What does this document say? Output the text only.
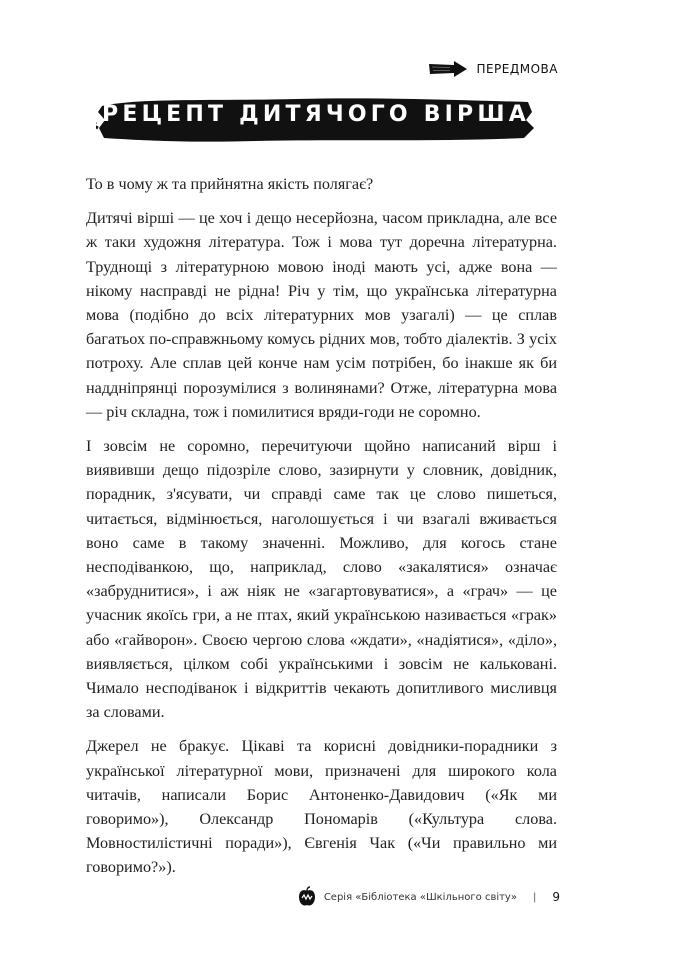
ПЕРЕДМОВА
РЕЦЕПТ ДИТЯЧОГО ВІРША

То в чому ж та прийнятна якість полягає?

Дитячі вірші — це хоч і дещо несерйозна, часом прикладна, але все ж таки художня література. Тож і мова тут доречна літературна. Труднощі з літературною мовою іноді мають усі, адже вона — нікому насправді не рідна! Річ у тім, що українська літературна мова (подібно до всіх літературних мов узагалі) — це сплав багатьох по-справжньому комусь рідних мов, тобто діалектів. З усіх потроху. Але сплав цей конче нам усім потрібен, бо інакше як би наддніпрянці порозумілися з волинянами? Отже, літературна мова — річ складна, тож і помилитися вряди-годи не соромно.

І зовсім не соромно, перечитуючи щойно написаний вірш і виявивши дещо підозріле слово, зазирнути у словник, довідник, порадник, з'ясувати, чи справді саме так це слово пишеться, читається, відмінюється, наголошується і чи взагалі вживається воно саме в такому значенні. Можливо, для когось стане несподіванкою, що, наприклад, слово «закалятися» означає «забруднитися», і аж ніяк не «загартовуватися», а «грач» — це учасник якоїсь гри, а не птах, який українською називається «грак» або «гайворон». Своєю чергою слова «ждати», «надіятися», «діло», виявляється, цілком собі українськими і зовсім не кальковані. Чимало несподіванок і відкриттів чекають допитливого мисливця за словами.

Джерел не бракує. Цікаві та корисні довідники-порадники з української літературної мови, призначені для широкого кола читачів, написали Борис Антоненко-Давидович («Як ми говоримо»), Олександр Пономарів («Культура слова. Мовностилістичні поради»), Євгенія Чак («Чи правильно ми говоримо?»).

Серія «Бібліотека «Шкільного світу» | 9
